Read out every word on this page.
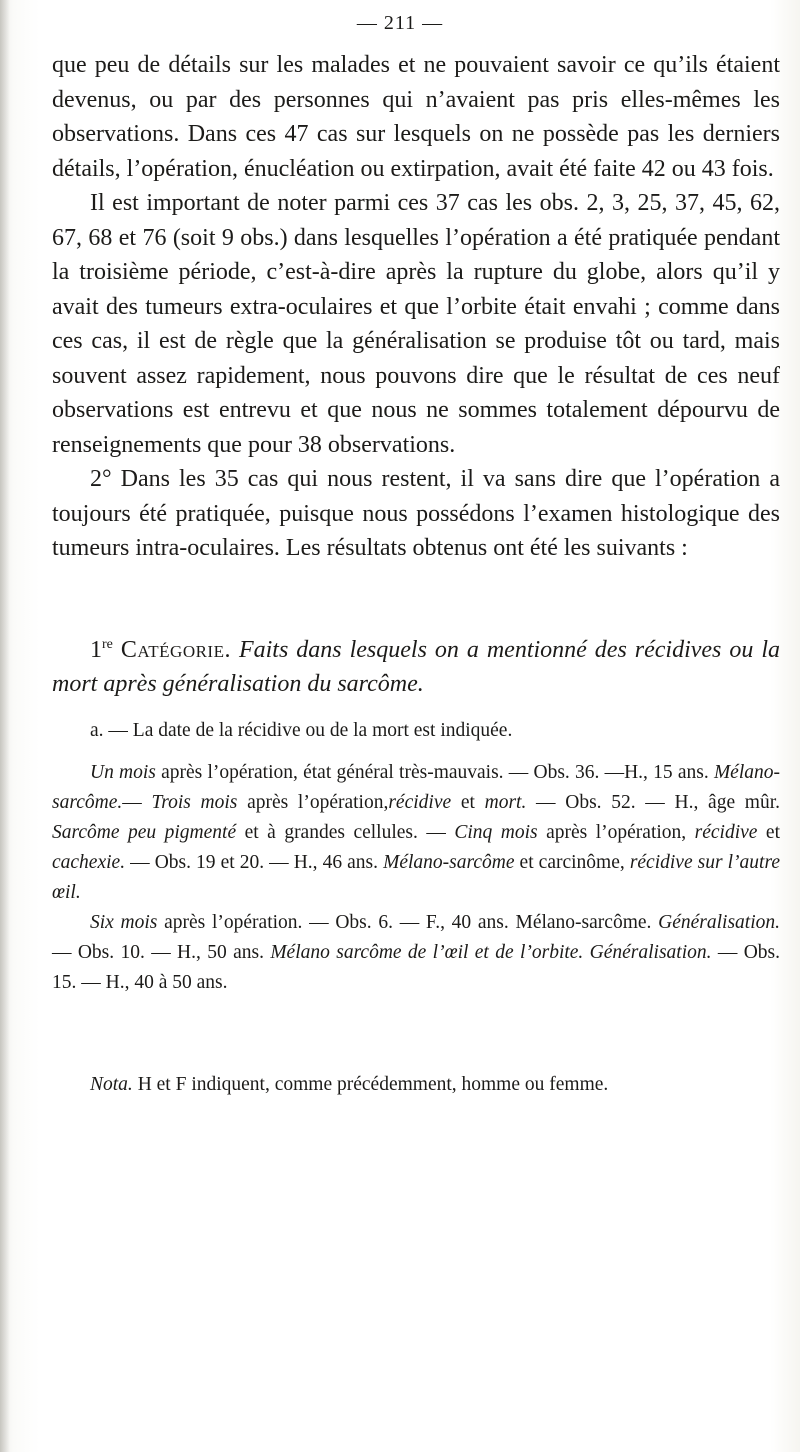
— 211 —

que peu de détails sur les malades et ne pouvaient savoir ce qu’ils étaient devenus, ou par des personnes qui n’avaient pas pris elles-mêmes les observations. Dans ces 47 cas sur lesquels on ne possède pas les derniers détails, l’opération, énucléation ou extirpation, avait été faite 42 ou 43 fois.

Il est important de noter parmi ces 37 cas les obs. 2, 3, 25, 37, 45, 62, 67, 68 et 76 (soit 9 obs.) dans lesquelles l’opération a été pratiquée pendant la troisième période, c’est-à-dire après la rupture du globe, alors qu’il y avait des tumeurs extra-oculaires et que l’orbite était envahi ; comme dans ces cas, il est de règle que la généralisation se produise tôt ou tard, mais souvent assez rapidement, nous pouvons dire que le résultat de ces neuf observations est entrevu et que nous ne sommes totalement dépourvu de renseignements que pour 38 observations.

2° Dans les 35 cas qui nous restent, il va sans dire que l’opération a toujours été pratiquée, puisque nous possédons l’examen histologique des tumeurs intra-oculaires. Les résultats obtenus ont été les suivants :

1re Catégorie. Faits dans lesquels on a mentionné des récidives ou la mort après généralisation du sarcôme.

a. — La date de la récidive ou de la mort est indiquée.

Un mois après l’opération, état général très-mauvais. — Obs. 36. —H., 15 ans. Mélano-sarcôme.— Trois mois après l’opération,récidive et mort. — Obs. 52. — H., âge mûr. Sarcôme peu pigmenté et à grandes cellules. — Cinq mois après l’opération, récidive et cachexie. — Obs. 19 et 20. — H., 46 ans. Mélano-sarcôme et carcinôme, récidive sur l’autre œil.

Six mois après l’opération. — Obs. 6. — F., 40 ans. Mélano-sarcôme. Généralisation. — Obs. 10. — H., 50 ans. Mélano sarcôme de l’œil et de l’orbite. Généralisation. — Obs. 15. — H., 40 à 50 ans.

Nota. H et F indiquent, comme précédemment, homme ou femme.
